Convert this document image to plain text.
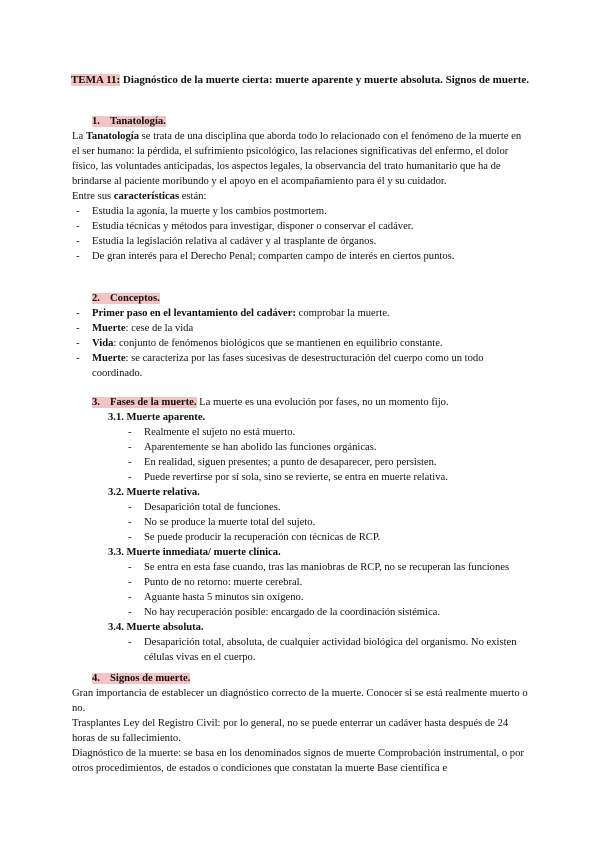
TEMA 11: Diagnóstico de la muerte cierta: muerte aparente y muerte absoluta. Signos de muerte.
1. Tanatología.

La Tanatología se trata de una disciplina que aborda todo lo relacionado con el fenómeno de la muerte en el ser humano: la pérdida, el sufrimiento psicológico, las relaciones significativas del enfermo, el dolor físico, las voluntades anticipadas, los aspectos legales, la observancia del trato humanitario que ha de brindarse al paciente moribundo y el apoyo en el acompañamiento para él y su cuidador.

Entre sus características están:

- Estudia la agonía, la muerte y los cambios postmortem.
- Estudia técnicas y métodos para investigar, disponer o conservar el cadáver.
- Estudia la legislación relativa al cadáver y al trasplante de órganos.
- De gran interés para el Derecho Penal; comparten campo de interés en ciertos puntos.
2. Conceptos.
- Primer paso en el levantamiento del cadáver: comprobar la muerte.
- Muerte: cese de la vida
- Vida: conjunto de fenómenos biológicos que se mantienen en equilibrio constante.
- Muerte: se caracteriza por las fases sucesivas de desestructuración del cuerpo como un todo coordinado.
3. Fases de la muerte. La muerte es una evolución por fases, no un momento fijo.
3.1. Muerte aparente.
- Realmente el sujeto no está muerto.
- Aparentemente se han abolido las funciones orgánicas.
- En realidad, siguen presentes; a punto de desaparecer, pero persisten.
- Puede revertirse por sí sola, sino se revierte, se entra en muerte relativa.
3.2. Muerte relativa.
- Desaparición total de funciones.
- No se produce la muerte total del sujeto.
- Se puede producir la recuperación con técnicas de RCP.
3.3. Muerte inmediata/ muerte clínica.
- Se entra en esta fase cuando, tras las maniobras de RCP, no se recuperan las funciones
- Punto de no retorno: muerte cerebral.
- Aguante hasta 5 minutos sin oxígeno.
- No hay recuperación posible: encargado de la coordinación sistémica.
3.4. Muerte absoluta.
- Desaparición total, absoluta, de cualquier actividad biológica del organismo. No existen células vivas en el cuerpo.
4. Signos de muerte.

Gran importancia de establecer un diagnóstico correcto de la muerte. Conocer si se está realmente muerto o no.

Trasplantes Ley del Registro Civil: por lo general, no se puede enterrar un cadáver hasta después de 24 horas de su fallecimiento.

Diagnóstico de la muerte: se basa en los denominados signos de muerte Comprobación instrumental, o por otros procedimientos, de estados o condiciones que constatan la muerte Base científica e
